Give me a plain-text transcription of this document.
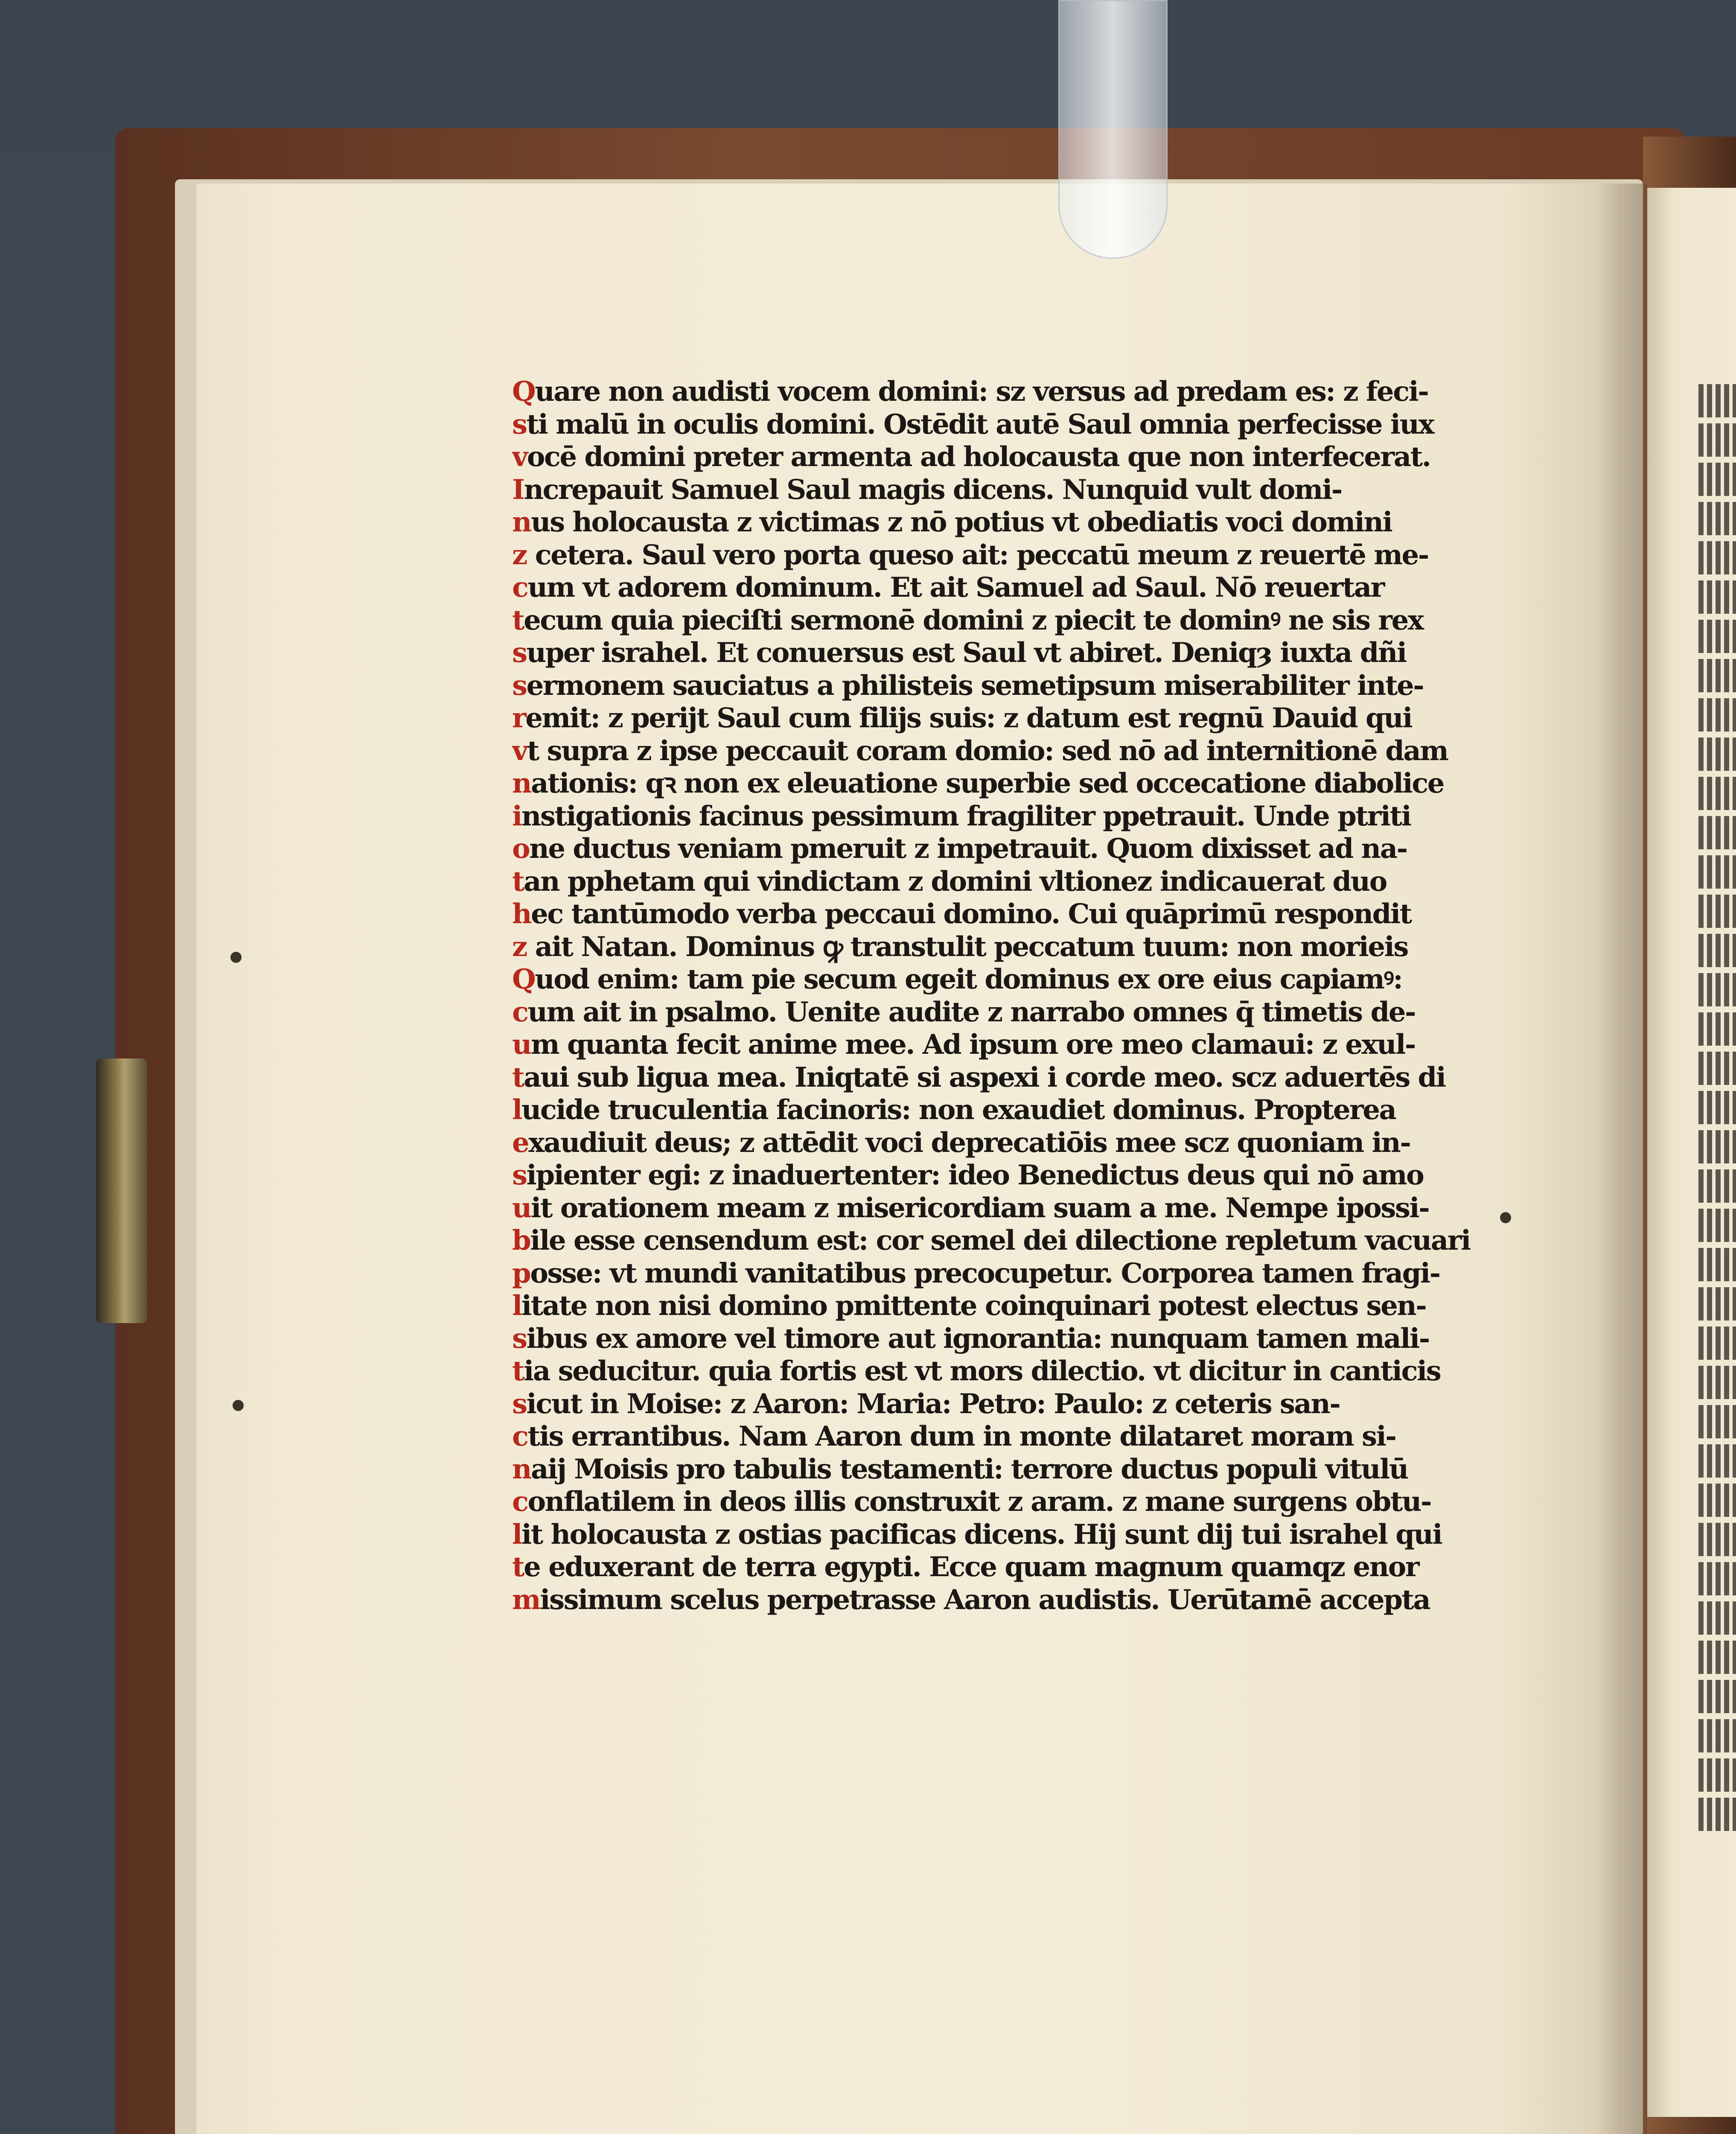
Quare non audisti vocem domini: sz versus ad predam es: z feci-
sti malū in oculis domini. Ostēdit autē Saul omnia perfecisse iux
vocē domini preter armenta ad holocausta que non interfecerat.
Increpauit Samuel Saul magis dicens. Nunquid vult domi-
nus holocausta z victimas z nō potius vt obediatis voci domini
z cetera. Saul vero porta queso ait: peccatū meum z reuertē me-
cum vt adorem dominum. Et ait Samuel ad Saul. Nō reuertar
tecum quia pieciſti sermonē domini z piecit te dominꝰ ne sis rex
super israhel. Et conuersus est Saul vt abiret. Deniqȝ iuxta dñi
sermonem sauciatus a philisteis semetipsum miserabiliter inte-
remit: z perijt Saul cum filijs suis: z datum est regnū Dauid qui
vt supra z ipse peccauit coram domio: sed nō ad internitionē dam
nationis: qꝛ non ex eleuatione superbie sed occecatione diabolice
instigationis facinus pessimum fragiliter ppetrauit. Unde ptriti
one ductus veniam pmeruit z impetrauit. Quom dixisset ad na-
tan pphetam qui vindictam z domini vltionez indicauerat duo
hec tantūmodo verba peccaui domino. Cui quāprimū respondit
z ait Natan. Dominus ꝙ transtulit peccatum tuum: non morieis
Quod enim: tam pie secum egeit dominus ex ore eius capiamꝰ:
cum ait in psalmo. Uenite audite z narrabo omnes q̄ timetis de-
um quanta fecit anime mee. Ad ipsum ore meo clamaui: z exul-
taui sub ligua mea. Iniqtatē si aspexi i corde meo. scz aduertēs di
lucide truculentia facinoris: non exaudiet dominus. Propterea
exaudiuit deus; z attēdit voci deprecatiōis mee scz quoniam in-
sipienter egi: z inaduertenter: ideo Benedictus deus qui nō amo
uit orationem meam z misericordiam suam a me. Nempe ipossi-
bile esse censendum est: cor semel dei dilectione repletum vacuari
posse: vt mundi vanitatibus precocupetur. Corporea tamen fragi-
litate non nisi domino pmittente coinquinari potest electus sen-
sibus ex amore vel timore aut ignorantia: nunquam tamen mali-
tia seducitur. quia fortis est vt mors dilectio. vt dicitur in canticis
sicut in Moise: z Aaron: Maria: Petro: Paulo: z ceteris san-
ctis errantibus. Nam Aaron dum in monte dilataret moram si-
naij Moisis pro tabulis testamenti: terrore ductus populi vitulū
conflatilem in deos illis construxit z aram. z mane surgens obtu-
lit holocausta z ostias pacificas dicens. Hij sunt dij tui israhel qui
te eduxerant de terra egypti. Ecce quam magnum quamqz enor
missimum scelus perpetrasse Aaron audistis. Uerūtamē accepta
